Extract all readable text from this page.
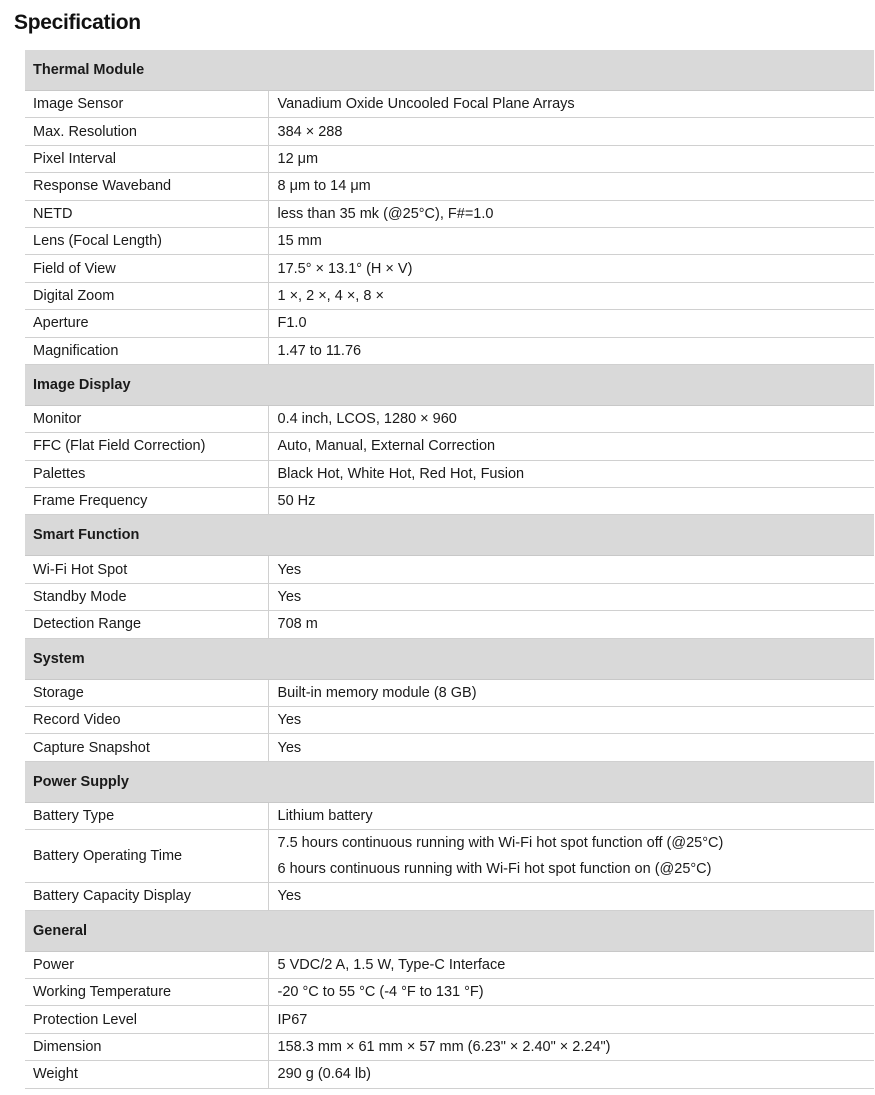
Specification
Thermal Module	
Image Sensor	Vanadium Oxide Uncooled Focal Plane Arrays
Max. Resolution	384 × 288
Pixel Interval	12 μm
Response Waveband	8 μm to 14 μm
NETD	less than 35 mk (@25°C), F#=1.0
Lens (Focal Length)	15 mm
Field of View	17.5° × 13.1° (H × V)
Digital Zoom	1 ×, 2 ×, 4 ×, 8 ×
Aperture	F1.0
Magnification	1.47 to 11.76
Image Display	
Monitor	0.4 inch, LCOS, 1280 × 960
FFC (Flat Field Correction)	Auto, Manual, External Correction
Palettes	Black Hot, White Hot, Red Hot, Fusion
Frame Frequency	50 Hz
Smart Function	
Wi-Fi Hot Spot	Yes
Standby Mode	Yes
Detection Range	708 m
System	
Storage	Built-in memory module (8 GB)
Record Video	Yes
Capture Snapshot	Yes
Power Supply	
Battery Type	Lithium battery
Battery Operating Time	7.5 hours continuous running with Wi-Fi hot spot function off (@25°C)
6 hours continuous running with Wi-Fi hot spot function on (@25°C)

Battery Capacity Display	Yes
General	
Power	5 VDC/2 A, 1.5 W, Type-C Interface
Working Temperature	-20 °C to 55 °C (-4 °F to 131 °F)
Protection Level	IP67
Dimension	158.3 mm × 61 mm × 57 mm (6.23" × 2.40" × 2.24")
Weight	290 g (0.64 lb)
